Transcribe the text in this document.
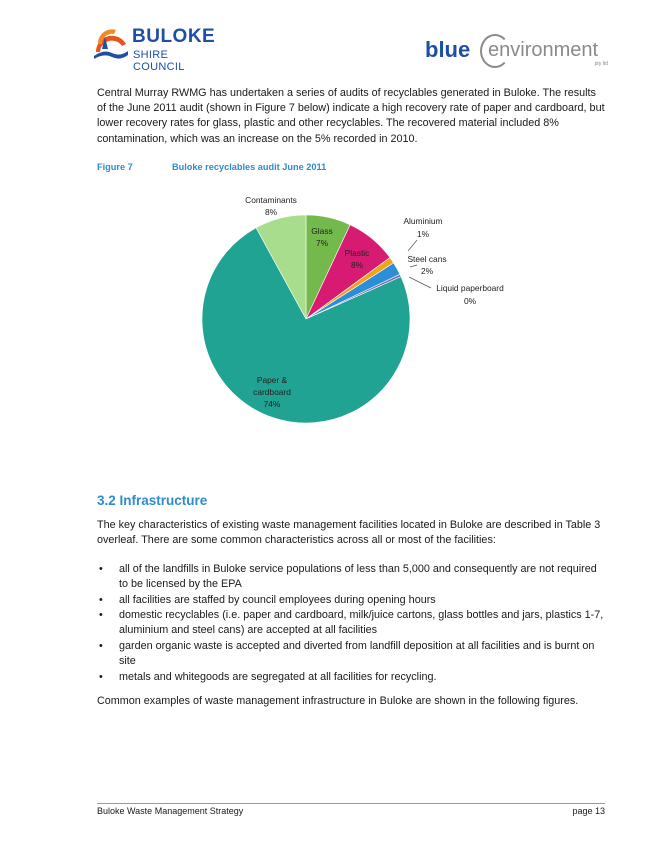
BULOKE
SHIRE COUNCIL
blue environment
pty ltd
Central Murray RWMG has undertaken a series of audits of recyclables generated in Buloke. The results of the June 2011 audit (shown in Figure 7 below) indicate a high recovery rate of paper and cardboard, but lower recovery rates for glass, plastic and other recyclables. The recovered material included 8% contamination, which was an increase on the 5% recorded in 2010.
Figure 7	Buloke recyclables audit June 2011
Contaminants
8%
Glass
7%
Plastic
8%
Aluminium
1%
Steel cans
2%
Liquid paperboard
0%
Paper &
cardboard
74%
3.2 Infrastructure
The key characteristics of existing waste management facilities located in Buloke are described in Table 3 overleaf. There are some common characteristics across all or most of the facilities:
• all of the landfills in Buloke service populations of less than 5,000 and consequently are not required to be licensed by the EPA
• all facilities are staffed by council employees during opening hours
• domestic recyclables (i.e. paper and cardboard, milk/juice cartons, glass bottles and jars, plastics 1-7, aluminium and steel cans) are accepted at all facilities
• garden organic waste is accepted and diverted from landfill deposition at all facilities and is burnt on site
• metals and whitegoods are segregated at all facilities for recycling.
Common examples of waste management infrastructure in Buloke are shown in the following figures.
Buloke Waste Management Strategy	page 13
